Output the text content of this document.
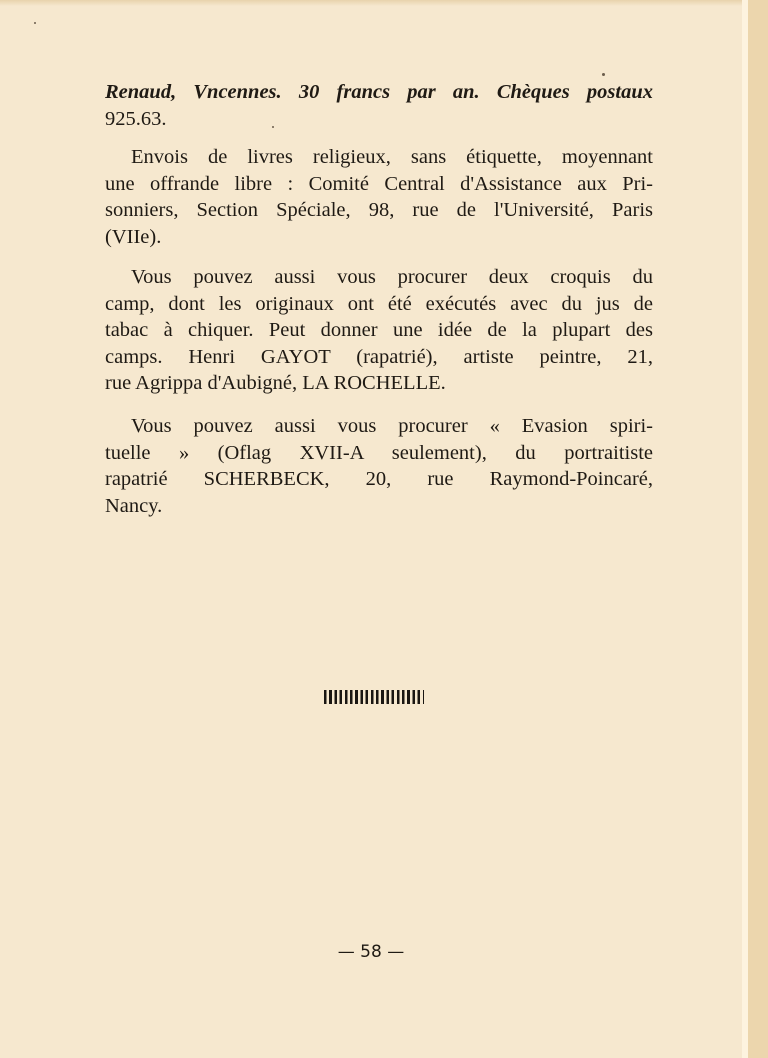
Renaud, Vncennes. 30 francs par an. Chèques postaux

925.63.

Envois de livres religieux, sans étiquette, moyennant

une offrande libre : Comité Central d'Assistance aux Pri-

sonniers, Section Spéciale, 98, rue de l'Université, Paris

(VIIe).

Vous pouvez aussi vous procurer deux croquis du

camp, dont les originaux ont été exécutés avec du jus de

tabac à chiquer. Peut donner une idée de la plupart des

camps. Henri GAYOT (rapatrié), artiste peintre, 21,

rue Agrippa d'Aubigné, LA ROCHELLE.

Vous pouvez aussi vous procurer « Evasion spiri-

tuelle » (Oflag XVII-A seulement), du portraitiste

rapatrié SCHERBECK, 20, rue Raymond-Poincaré,

Nancy.

— 58 —
